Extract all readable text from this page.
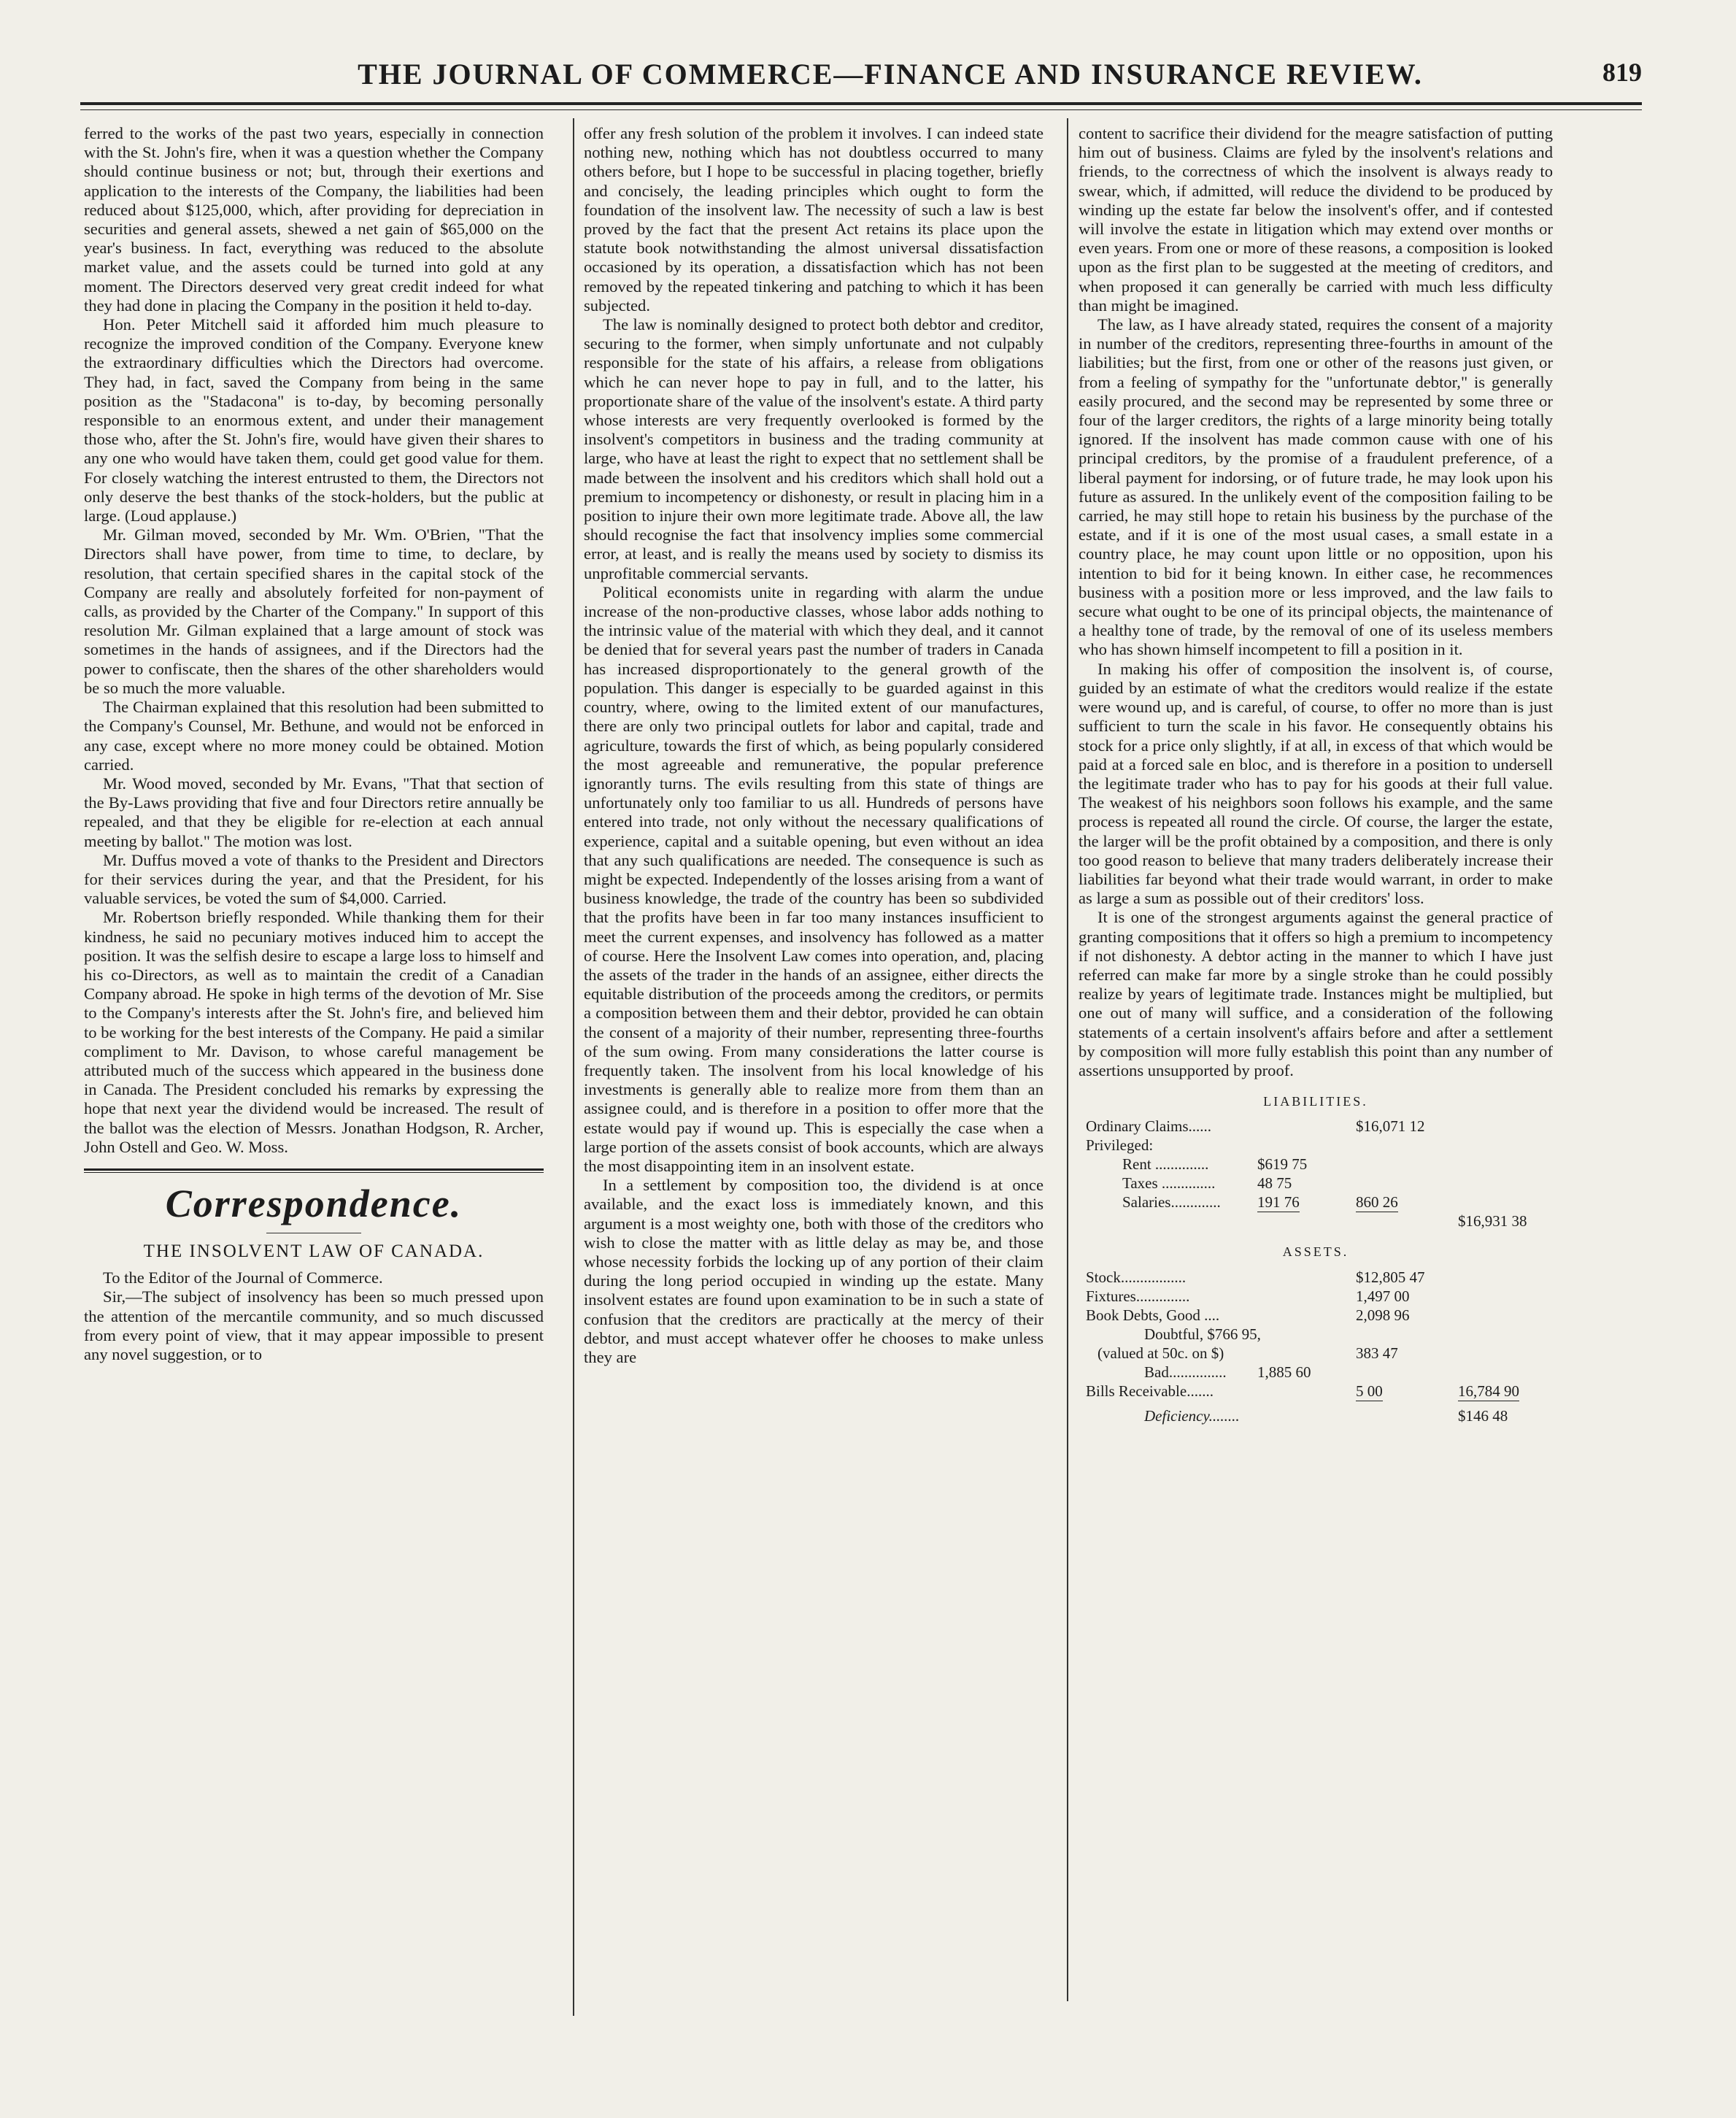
THE JOURNAL OF COMMERCE—FINANCE AND INSURANCE REVIEW.	819

ferred to the works of the past two years, especially in connection with the St. John's fire, when it was a question whether the Company should continue business or not; but, through their exertions and application to the interests of the Company, the liabilities had been reduced about $125,000, which, after providing for depreciation in securities and general assets, shewed a net gain of $65,000 on the year's business. In fact, everything was reduced to the absolute market value, and the assets could be turned into gold at any moment. The Directors deserved very great credit indeed for what they had done in placing the Company in the position it held to-day.

Hon. Peter Mitchell said it afforded him much pleasure to recognize the improved condition of the Company. Everyone knew the extraordinary difficulties which the Directors had overcome. They had, in fact, saved the Company from being in the same position as the "Stadacona" is to-day, by becoming personally responsible to an enormous extent, and under their management those who, after the St. John's fire, would have given their shares to any one who would have taken them, could get good value for them. For closely watching the interest entrusted to them, the Directors not only deserve the best thanks of the stock-holders, but the public at large. (Loud applause.)

Mr. Gilman moved, seconded by Mr. Wm. O'Brien, "That the Directors shall have power, from time to time, to declare, by resolution, that certain specified shares in the capital stock of the Company are really and absolutely forfeited for non-payment of calls, as provided by the Charter of the Company." In support of this resolution Mr. Gilman explained that a large amount of stock was sometimes in the hands of assignees, and if the Directors had the power to confiscate, then the shares of the other shareholders would be so much the more valuable.

The Chairman explained that this resolution had been submitted to the Company's Counsel, Mr. Bethune, and would not be enforced in any case, except where no more money could be obtained. Motion carried.

Mr. Wood moved, seconded by Mr. Evans, "That that section of the By-Laws providing that five and four Directors retire annually be repealed, and that they be eligible for re-election at each annual meeting by ballot." The motion was lost.

Mr. Duffus moved a vote of thanks to the President and Directors for their services during the year, and that the President, for his valuable services, be voted the sum of $4,000. Carried.

Mr. Robertson briefly responded. While thanking them for their kindness, he said no pecuniary motives induced him to accept the position. It was the selfish desire to escape a large loss to himself and his co-Directors, as well as to maintain the credit of a Canadian Company abroad. He spoke in high terms of the devotion of Mr. Sise to the Company's interests after the St. John's fire, and believed him to be working for the best interests of the Company. He paid a similar compliment to Mr. Davison, to whose careful management be attributed much of the success which appeared in the business done in Canada. The President concluded his remarks by expressing the hope that next year the dividend would be increased. The result of the ballot was the election of Messrs. Jonathan Hodgson, R. Archer, John Ostell and Geo. W. Moss.

Correspondence.
THE INSOLVENT LAW OF CANADA.

To the Editor of the Journal of Commerce.

Sir,—The subject of insolvency has been so much pressed upon the attention of the mercantile community, and so much discussed from every point of view, that it may appear impossible to present any novel suggestion, or to

offer any fresh solution of the problem it involves. I can indeed state nothing new, nothing which has not doubtless occurred to many others before, but I hope to be successful in placing together, briefly and concisely, the leading principles which ought to form the foundation of the insolvent law. The necessity of such a law is best proved by the fact that the present Act retains its place upon the statute book notwithstanding the almost universal dissatisfaction occasioned by its operation, a dissatisfaction which has not been removed by the repeated tinkering and patching to which it has been subjected.

The law is nominally designed to protect both debtor and creditor, securing to the former, when simply unfortunate and not culpably responsible for the state of his affairs, a release from obligations which he can never hope to pay in full, and to the latter, his proportionate share of the value of the insolvent's estate. A third party whose interests are very frequently overlooked is formed by the insolvent's competitors in business and the trading community at large, who have at least the right to expect that no settlement shall be made between the insolvent and his creditors which shall hold out a premium to incompetency or dishonesty, or result in placing him in a position to injure their own more legitimate trade. Above all, the law should recognise the fact that insolvency implies some commercial error, at least, and is really the means used by society to dismiss its unprofitable commercial servants.

Political economists unite in regarding with alarm the undue increase of the non-productive classes, whose labor adds nothing to the intrinsic value of the material with which they deal, and it cannot be denied that for several years past the number of traders in Canada has increased disproportionately to the general growth of the population. This danger is especially to be guarded against in this country, where, owing to the limited extent of our manufactures, there are only two principal outlets for labor and capital, trade and agriculture, towards the first of which, as being popularly considered the most agreeable and remunerative, the popular preference ignorantly turns. The evils resulting from this state of things are unfortunately only too familiar to us all. Hundreds of persons have entered into trade, not only without the necessary qualifications of experience, capital and a suitable opening, but even without an idea that any such qualifications are needed. The consequence is such as might be expected. Independently of the losses arising from a want of business knowledge, the trade of the country has been so subdivided that the profits have been in far too many instances insufficient to meet the current expenses, and insolvency has followed as a matter of course. Here the Insolvent Law comes into operation, and, placing the assets of the trader in the hands of an assignee, either directs the equitable distribution of the proceeds among the creditors, or permits a composition between them and their debtor, provided he can obtain the consent of a majority of their number, representing three-fourths of the sum owing. From many considerations the latter course is frequently taken. The insolvent from his local knowledge of his investments is generally able to realize more from them than an assignee could, and is therefore in a position to offer more that the estate would pay if wound up. This is especially the case when a large portion of the assets consist of book accounts, which are always the most disappointing item in an insolvent estate.

In a settlement by composition too, the dividend is at once available, and the exact loss is immediately known, and this argument is a most weighty one, both with those of the creditors who wish to close the matter with as little delay as may be, and those whose necessity forbids the locking up of any portion of their claim during the long period occupied in winding up the estate. Many insolvent estates are found upon examination to be in such a state of confusion that the creditors are practically at the mercy of their debtor, and must accept whatever offer he chooses to make unless they are

content to sacrifice their dividend for the meagre satisfaction of putting him out of business. Claims are fyled by the insolvent's relations and friends, to the correctness of which the insolvent is always ready to swear, which, if admitted, will reduce the dividend to be produced by winding up the estate far below the insolvent's offer, and if contested will involve the estate in litigation which may extend over months or even years. From one or more of these reasons, a composition is looked upon as the first plan to be suggested at the meeting of creditors, and when proposed it can generally be carried with much less difficulty than might be imagined.

The law, as I have already stated, requires the consent of a majority in number of the creditors, representing three-fourths in amount of the liabilities; but the first, from one or other of the reasons just given, or from a feeling of sympathy for the "unfortunate debtor," is generally easily procured, and the second may be represented by some three or four of the larger creditors, the rights of a large minority being totally ignored. If the insolvent has made common cause with one of his principal creditors, by the promise of a fraudulent preference, of a liberal payment for indorsing, or of future trade, he may look upon his future as assured. In the unlikely event of the composition failing to be carried, he may still hope to retain his business by the purchase of the estate, and if it is one of the most usual cases, a small estate in a country place, he may count upon little or no opposition, upon his intention to bid for it being known. In either case, he recommences business with a position more or less improved, and the law fails to secure what ought to be one of its principal objects, the maintenance of a healthy tone of trade, by the removal of one of its useless members who has shown himself incompetent to fill a position in it.

In making his offer of composition the insolvent is, of course, guided by an estimate of what the creditors would realize if the estate were wound up, and is careful, of course, to offer no more than is just sufficient to turn the scale in his favor. He consequently obtains his stock for a price only slightly, if at all, in excess of that which would be paid at a forced sale en bloc, and is therefore in a position to undersell the legitimate trader who has to pay for his goods at their full value. The weakest of his neighbors soon follows his example, and the same process is repeated all round the circle. Of course, the larger the estate, the larger will be the profit obtained by a composition, and there is only too good reason to believe that many traders deliberately increase their liabilities far beyond what their trade would warrant, in order to make as large a sum as possible out of their creditors' loss.

It is one of the strongest arguments against the general practice of granting compositions that it offers so high a premium to incompetency if not dishonesty. A debtor acting in the manner to which I have just referred can make far more by a single stroke than he could possibly realize by years of legitimate trade. Instances might be multiplied, but one out of many will suffice, and a consideration of the following statements of a certain insolvent's affairs before and after a settlement by composition will more fully establish this point than any number of assertions unsupported by proof.

LIABILITIES.
Ordinary Claims......	$16,071 12
Privileged:
Rent ..............	$619 75
Taxes ..............	48 75
Salaries............. 191 76	860 26
$16,931 38
ASSETS.
Stock.................	$12,805 47
Fixtures..............	1,497 00
Book Debts, Good ....	2,098 96
Doubtful, $766 95,
(valued at 50c. on $)	383 47
Bad............... 1,885 60
Bills Receivable.......	5 00	16,784 90
Deficiency........	$146 48
